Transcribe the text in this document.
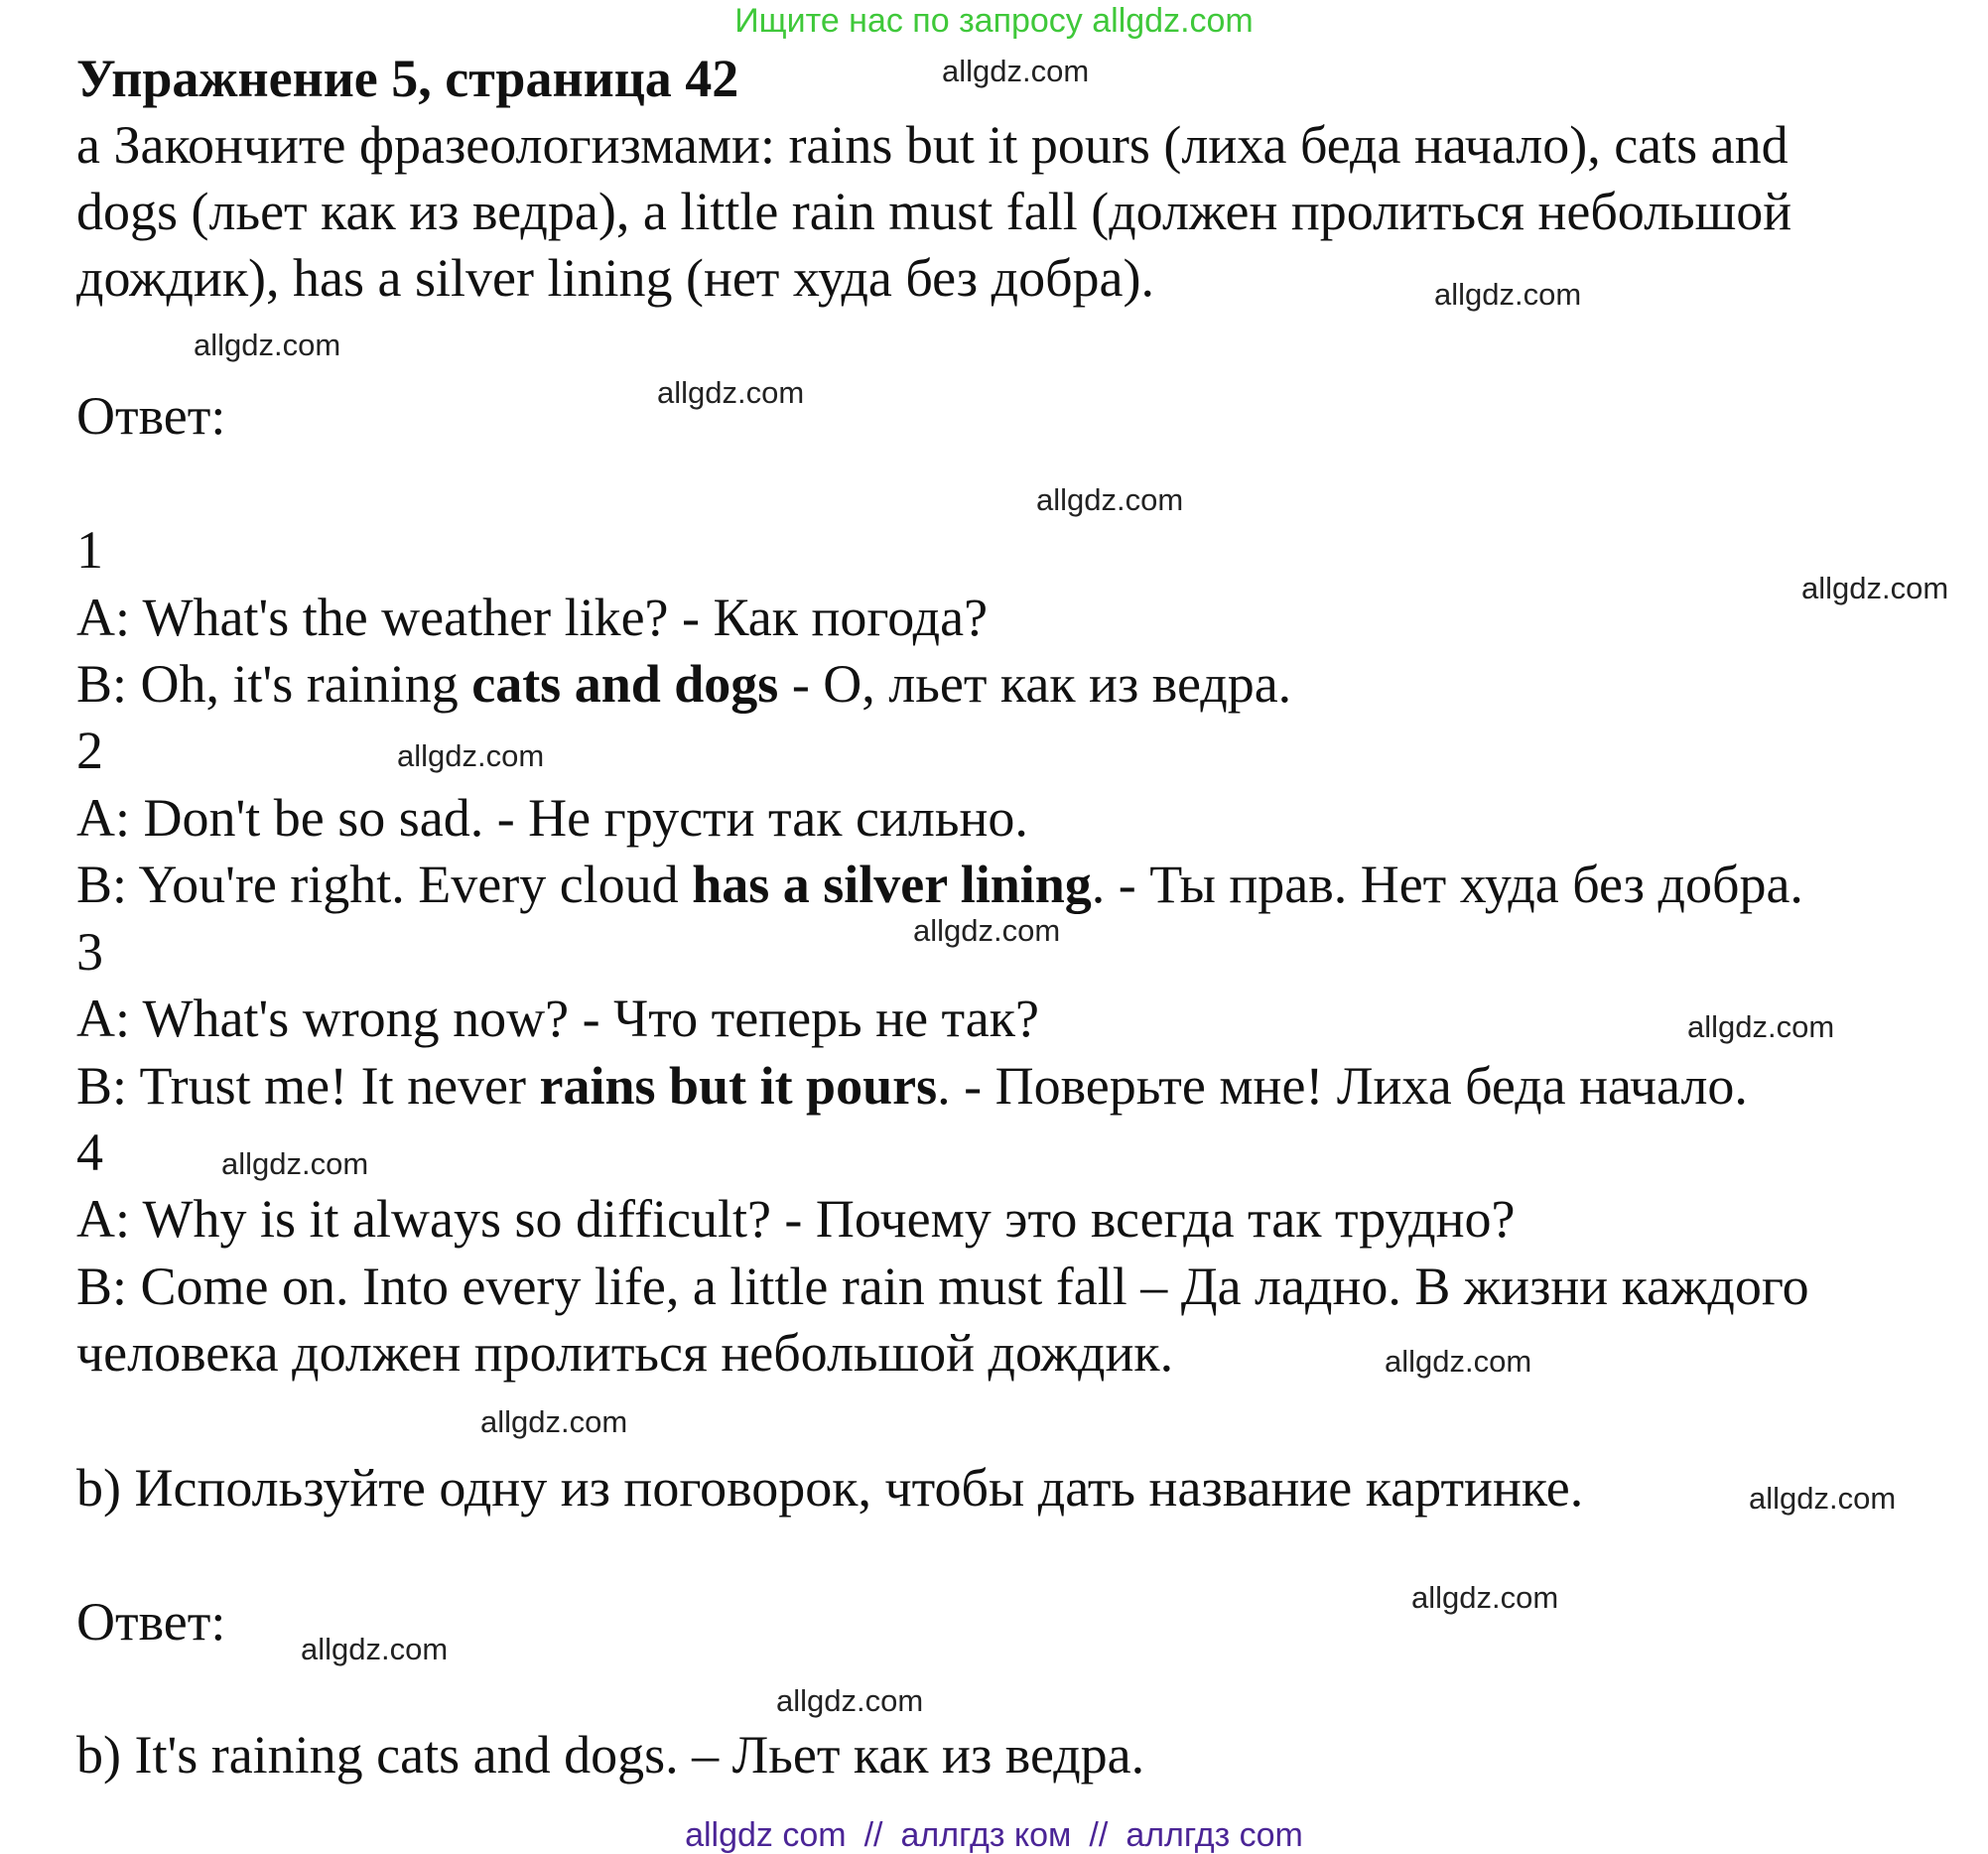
Ищите нас по запросу allgdz.com
Упражнение 5, страница 42
a Закончите фразеологизмами: rains but it pours (лиха беда начало), cats and
dogs (льет как из ведра), a little rain must fall (должен пролиться небольшой
дождик), has a silver lining (нет худа без добра).
Ответ:
1
A: What's the weather like? - Как погода?
B: Oh, it's raining cats and dogs - О, льет как из ведра.
2
A: Don't be so sad. - Не грусти так сильно.
B: You're right. Every cloud has a silver lining. - Ты прав. Нет худа без добра.
3
A: What's wrong now? - Что теперь не так?
B: Trust me! It never rains but it pours. - Поверьте мне! Лиха беда начало.
4
A: Why is it always so difficult? - Почему это всегда так трудно?
B: Come on. Into every life, a little rain must fall – Да ладно. В жизни каждого
человека должен пролиться небольшой дождик.
b) Используйте одну из поговорок, чтобы дать название картинке.
Ответ:
b) It's raining cats and dogs. – Льет как из ведра.
allgdz.com
allgdz.com
allgdz.com
allgdz.com
allgdz.com
allgdz.com
allgdz.com
allgdz.com
allgdz.com
allgdz.com
allgdz.com
allgdz.com
allgdz.com
allgdz.com
allgdz.com
allgdz.com
allgdz com // аллгдз ком // аллгдз com
